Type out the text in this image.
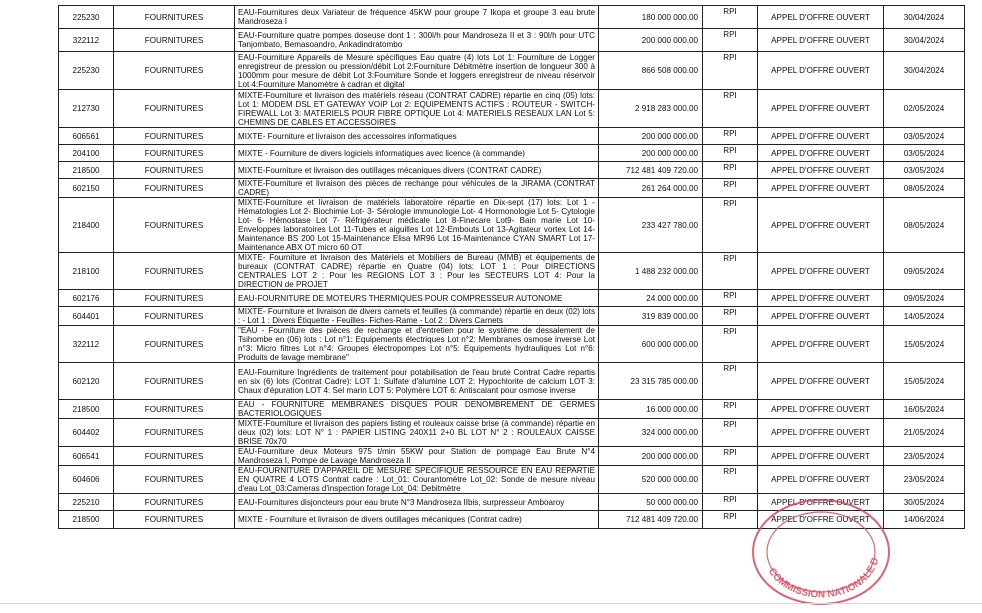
225230	FOURNITURES	EAU-Fournitures deux Variateur de fréquence 45KW pour groupe 7 Ikopa et groupe 3 eau brute Mandroseza I	180 000 000.00	RPI	APPEL D'OFFRE OUVERT	30/04/2024
322112	FOURNITURES	EAU-Fourniture quatre pompes doseuse dont 1 : 300l/h pour Mandroseza II et 3 : 90l/h pour UTC Tanjombato, Bemasoandro, Ankadindratombo	200 000 000.00	RPI	APPEL D'OFFRE OUVERT	30/04/2024
225230	FOURNITURES	EAU-Fourniture Appareils de Mesure spécifiques Eau quatre (4) lots Lot 1: Fourniture de Logger enregistreur de pression ou pression/débit Lot 2:Fourniture Débitmètre insertion de longueur 300 à 1000mm pour mesure de débit Lot 3:Fourniture Sonde et loggers enregistreur de niveau réservoir Lot 4:Fourniture Manomètre à cadran et digital	866 508 000.00	RPI	APPEL D'OFFRE OUVERT	30/04/2024
212730	FOURNITURES	MIXTE-Fourniture et livraison des matériels réseau (CONTRAT CADRE) répartie en cinq (05) lots: Lot 1: MODEM DSL ET GATEWAY VOIP Lot 2: EQUIPEMENTS ACTIFS : ROUTEUR - SWITCH-FIREWALL Lot 3: MATERIELS POUR FIBRE OPTIQUE Lot 4: MATERIELS RESEAUX LAN Lot 5: CHEMINS DE CABLES ET ACCESSOIRES	2 918 283 000.00	RPI	APPEL D'OFFRE OUVERT	02/05/2024
606561	FOURNITURES	MIXTE- Fourniture et livraison des accessoires informatiques	200 000 000.00	RPI	APPEL D'OFFRE OUVERT	03/05/2024
204100	FOURNITURES	MIXTE - Fourniture de divers logiciels informatiques avec licence (à commande)	200 000 000.00	RPI	APPEL D'OFFRE OUVERT	03/05/2024
218500	FOURNITURES	MIXTE-Fourniture et livraison des outillages mécaniques divers (CONTRAT CADRE)	712 481 409 720.00	RPI	APPEL D'OFFRE OUVERT	03/05/2024
602150	FOURNITURES	MIXTE-Fourniture et livraison des pièces de rechange pour véhicules de la JIRAMA (CONTRAT CADRE)	261 264 000.00	RPI	APPEL D'OFFRE OUVERT	08/05/2024
218400	FOURNITURES	MIXTE-Fourniture et livraison de matériels laboratoire répartie en Dix-sept (17) lots: Lot 1 -Hématologies Lot 2- Biochimie Lot- 3- Sérologie immunologie Lot- 4 Hormonologie Lot 5- Cytologie Lot- 6- Hémostase Lot 7- Réfrigérateur médicale Lot 8-Finecare Lot9- Bain marie Lot 10-Enveloppes laboratoires Lot 11-Tubes et aiguilles Lot 12-Embouts Lot 13-Agitateur vortex Lot 14-Maintenance BS 200 Lot 15-Maintenance Elisa MR96 Lot 16-Maintenance CYAN SMART Lot 17- Maintenance ABX OT micro 60 OT	233 427 780.00	RPI	APPEL D'OFFRE OUVERT	08/05/2024
218100	FOURNITURES	MIXTE- Fourniture et livraison des Matériels et Mobiliers de Bureau (MMB) et équipements de bureaux (CONTRAT CADRE) répartie en Quatre (04) lots: LOT 1 : Pour DIRECTIONS CENTRALES LOT 2 : Pour les REGIONS LOT 3 : Pour les SECTEURS LOT 4: Pour la DIRECTION de PROJET	1 488 232 000.00	RPI	APPEL D'OFFRE OUVERT	09/05/2024
602176	FOURNITURES	EAU-FOURNITURE DE MOTEURS THERMIQUES POUR COMPRESSEUR AUTONOME	24 000 000.00	RPI	APPEL D'OFFRE OUVERT	09/05/2024
604401	FOURNITURES	MIXTE- Fourniture et livraison de divers carnets et feuilles (à commande) répartie en deux (02) lots : - Lot 1 : Divers Étiquette - Feuilles- Fiches-Rame - Lot 2 : Divers Carnets	319 839 000.00	RPI	APPEL D'OFFRE OUVERT	14/05/2024
322112	FOURNITURES	"EAU - Fourniture des pièces de rechange et d'entretien pour le système de dessalement de Tsihombe en (06) lots : Lot n°1: Equipements électriques Lot n°2: Membranes osmose inverse Lot n°3: Micro filtres Lot n°4: Groupes électropompes Lot n°5: Equipements hydrauliques Lot n°6: Produits de lavage membrane"	600 000 000.00	RPI	APPEL D'OFFRE OUVERT	15/05/2024
602120	FOURNITURES	EAU-Fourniture Ingrédients de traitement pour potabilisation de l'eau brute Contrat Cadre repartis en six (6) lots (Contrat Cadre): LOT 1: Sulfate d'alumine LOT 2: Hypochlorite de calcium LOT 3: Chaux d'épuration LOT 4: Sel marin LOT 5: Polymère LOT 6: Antiscalant pour osmose inverse	23 315 785 000.00	RPI	APPEL D'OFFRE OUVERT	15/05/2024
218500	FOURNITURES	EAU - FOURNITURE MEMBRANES DISQUES POUR DENOMBREMENT DE GERMES BACTERIOLOGIQUES	16 000 000.00	RPI	APPEL D'OFFRE OUVERT	16/05/2024
604402	FOURNITURES	MIXTE-Fourniture et livraison des papiers listing et rouleaux caisse brise (à commande) répartie en deux (02) lots: LOT N° 1 : PAPIER LISTING 240X11 2+0 BL LOT N° 2 : ROULEAUX CAISSE BRISE 70x70	324 000 000.00	RPI	APPEL D'OFFRE OUVERT	21/05/2024
606541	FOURNITURES	EAU-Fourniture deux Moteurs 975 t/min 55KW pour Station de pompage Eau Brute N°4 Mandroseza I, Pompe de Lavage Mandroseza II	200 000 000.00	RPI	APPEL D'OFFRE OUVERT	23/05/2024
604606	FOURNITURES	EAU-FOURNITURE D'APPAREIL DE MESURE SPECIFIQUE RESSOURCE EN EAU REPARTIE EN QUATRE 4 LOTS Contrat cadre : Lot_01: Courantomètre Lot_02: Sonde de mesure niveau d'eau Lot_03:Cameras d'inspection forage Lot_04: Debitmètre	520 000 000.00	RPI	APPEL D'OFFRE OUVERT	23/05/2024
225210	FOURNITURES	EAU-Fournitures disjoncteurs pour eau brute N°3 Mandroseza IIbis, surpresseur Amboaroy	50 000 000.00	RPI	APPEL D'OFFRE OUVERT	30/05/2024
218500	FOURNITURES	MIXTE - Fourniture et livraison de divers outillages mécaniques (Contrat cadre)	712 481 409 720.00	RPI	APPEL D'OFFRE OUVERT	14/06/2024
COMMISSION NATIONALE D
